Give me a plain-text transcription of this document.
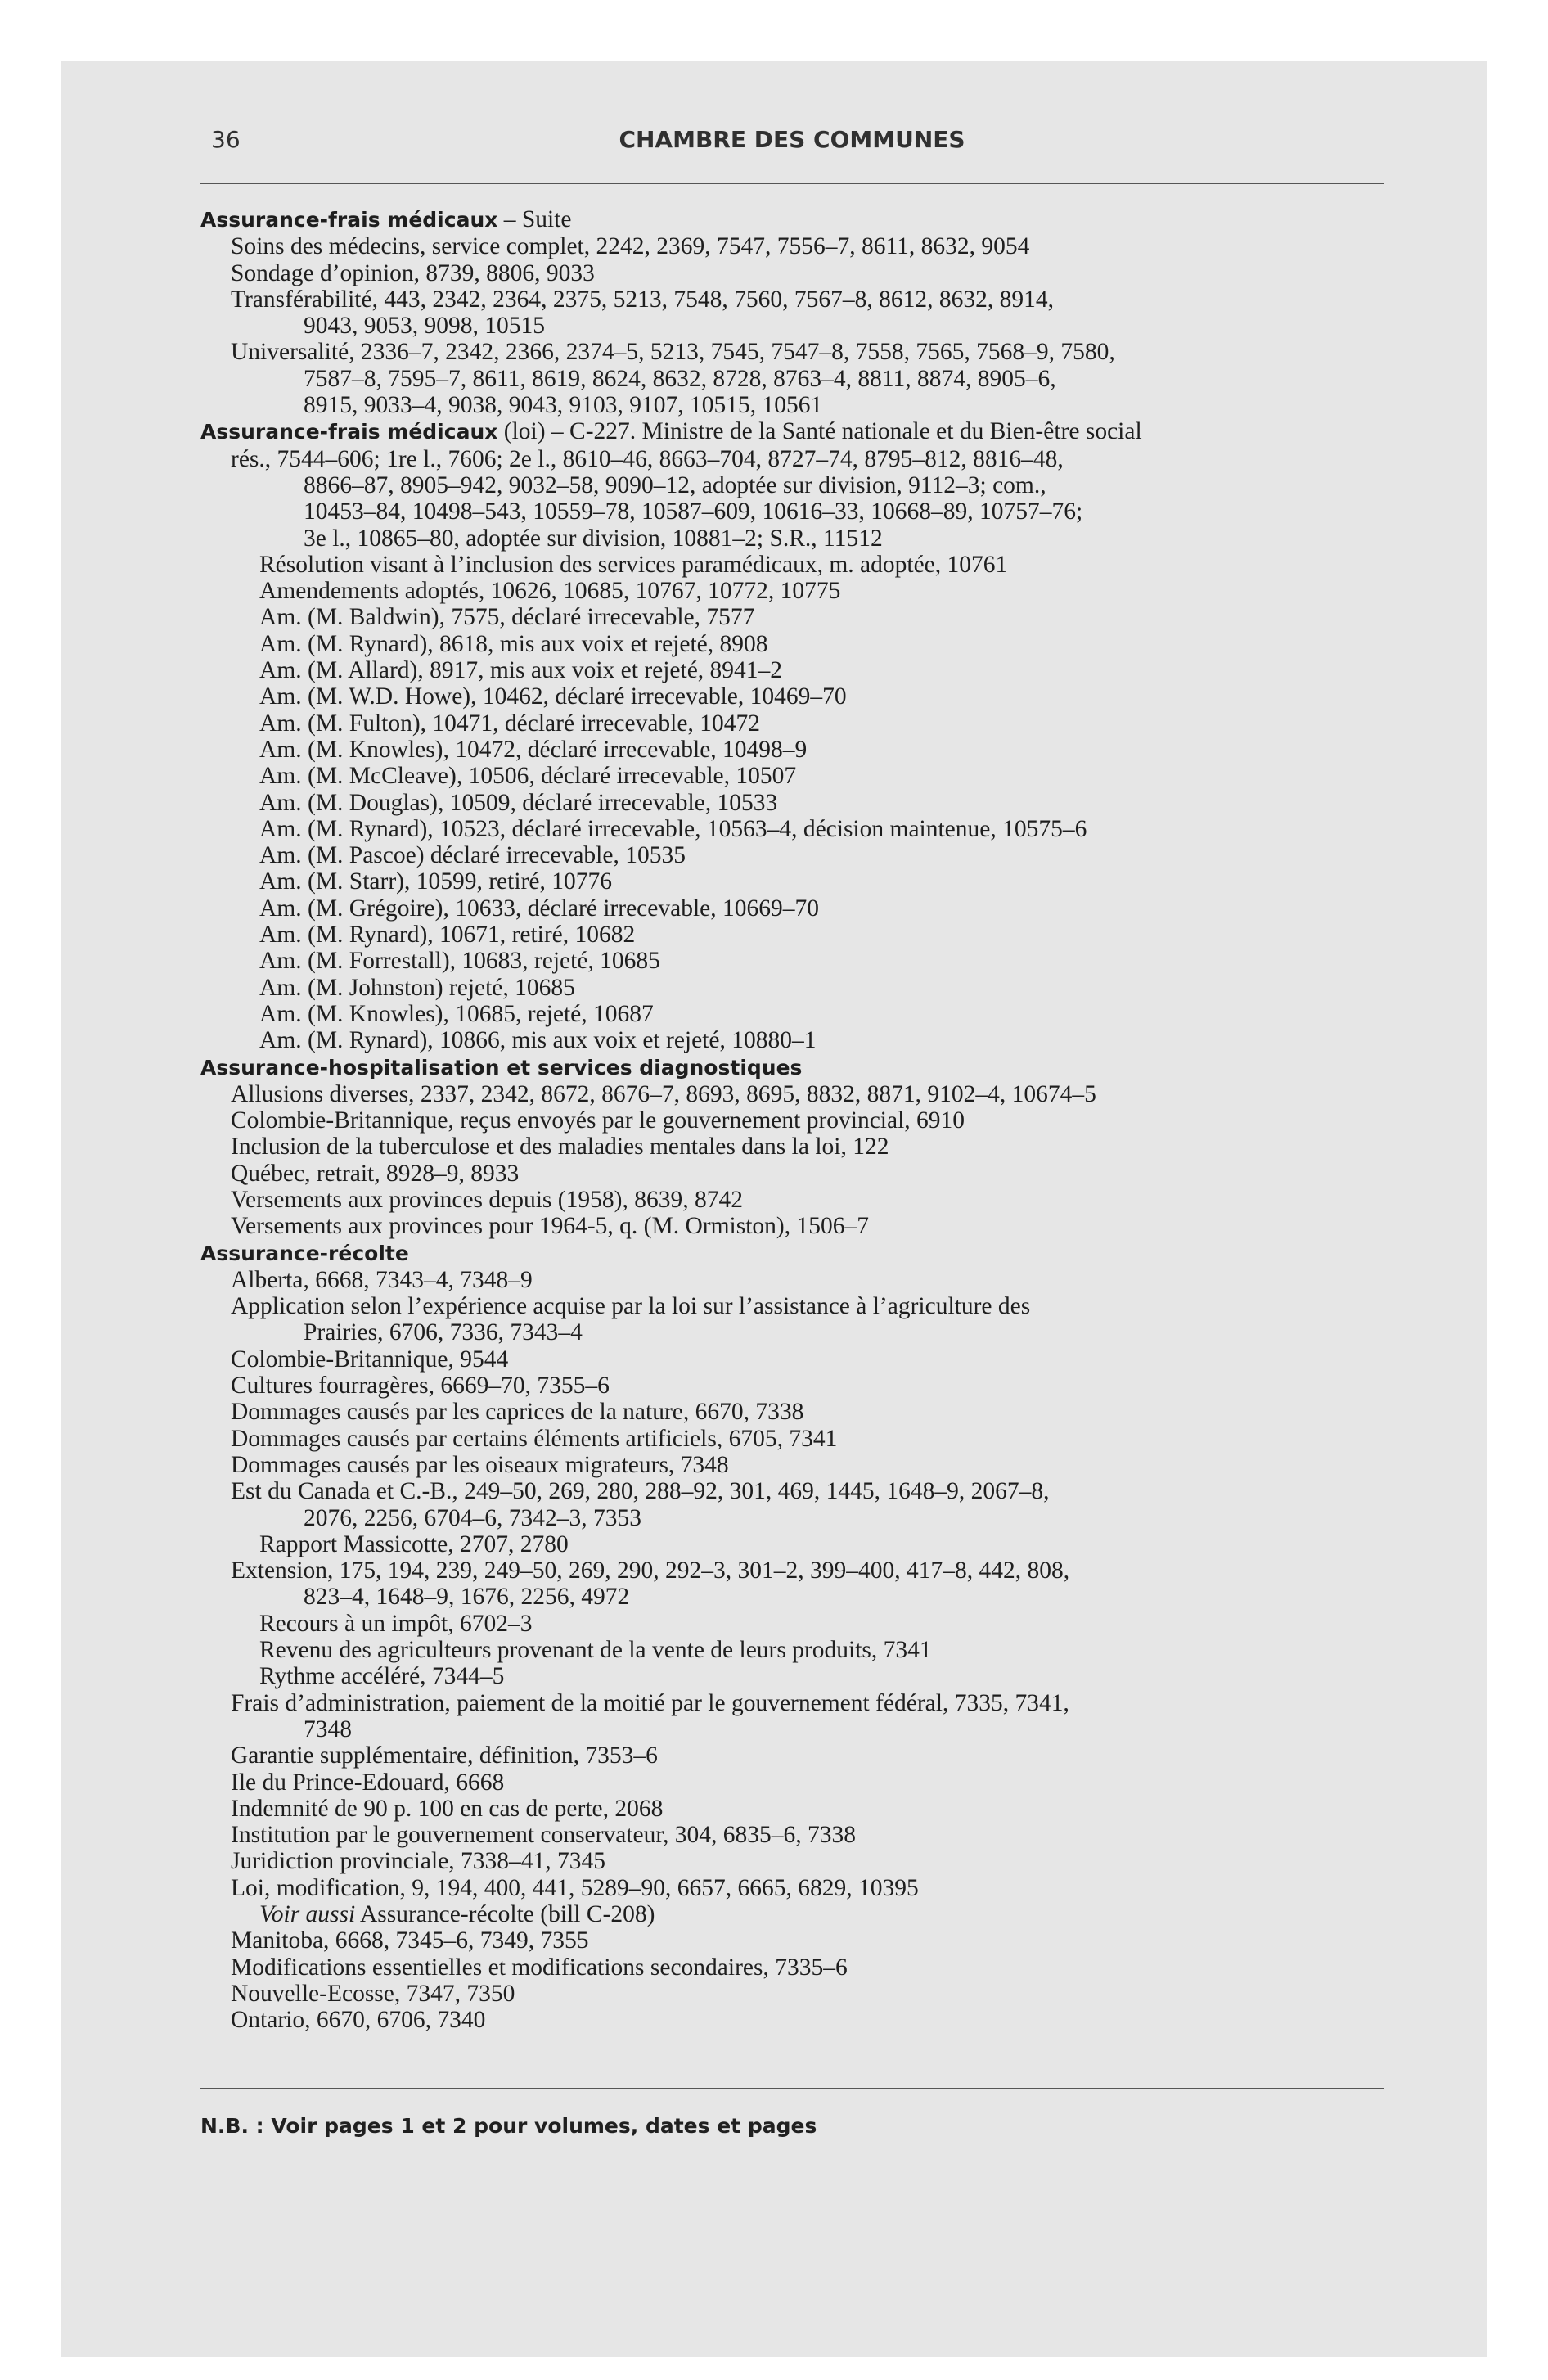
36	CHAMBRE DES COMMUNES
Assurance-frais médicaux – Suite
Soins des médecins, service complet, 2242, 2369, 7547, 7556–7, 8611, 8632, 9054
Sondage d’opinion, 8739, 8806, 9033
Transférabilité, 443, 2342, 2364, 2375, 5213, 7548, 7560, 7567–8, 8612, 8632, 8914,
9043, 9053, 9098, 10515
Universalité, 2336–7, 2342, 2366, 2374–5, 5213, 7545, 7547–8, 7558, 7565, 7568–9, 7580,
7587–8, 7595–7, 8611, 8619, 8624, 8632, 8728, 8763–4, 8811, 8874, 8905–6,
8915, 9033–4, 9038, 9043, 9103, 9107, 10515, 10561
Assurance-frais médicaux (loi) – C-227. Ministre de la Santé nationale et du Bien-être social
rés., 7544–606; 1re l., 7606; 2e l., 8610–46, 8663–704, 8727–74, 8795–812, 8816–48,
8866–87, 8905–942, 9032–58, 9090–12, adoptée sur division, 9112–3; com.,
10453–84, 10498–543, 10559–78, 10587–609, 10616–33, 10668–89, 10757–76;
3e l., 10865–80, adoptée sur division, 10881–2; S.R., 11512
Résolution visant à l’inclusion des services paramédicaux, m. adoptée, 10761
Amendements adoptés, 10626, 10685, 10767, 10772, 10775
Am. (M. Baldwin), 7575, déclaré irrecevable, 7577
Am. (M. Rynard), 8618, mis aux voix et rejeté, 8908
Am. (M. Allard), 8917, mis aux voix et rejeté, 8941–2
Am. (M. W.D. Howe), 10462, déclaré irrecevable, 10469–70
Am. (M. Fulton), 10471, déclaré irrecevable, 10472
Am. (M. Knowles), 10472, déclaré irrecevable, 10498–9
Am. (M. McCleave), 10506, déclaré irrecevable, 10507
Am. (M. Douglas), 10509, déclaré irrecevable, 10533
Am. (M. Rynard), 10523, déclaré irrecevable, 10563–4, décision maintenue, 10575–6
Am. (M. Pascoe) déclaré irrecevable, 10535
Am. (M. Starr), 10599, retiré, 10776
Am. (M. Grégoire), 10633, déclaré irrecevable, 10669–70
Am. (M. Rynard), 10671, retiré, 10682
Am. (M. Forrestall), 10683, rejeté, 10685
Am. (M. Johnston) rejeté, 10685
Am. (M. Knowles), 10685, rejeté, 10687
Am. (M. Rynard), 10866, mis aux voix et rejeté, 10880–1
Assurance-hospitalisation et services diagnostiques
Allusions diverses, 2337, 2342, 8672, 8676–7, 8693, 8695, 8832, 8871, 9102–4, 10674–5
Colombie-Britannique, reçus envoyés par le gouvernement provincial, 6910
Inclusion de la tuberculose et des maladies mentales dans la loi, 122
Québec, retrait, 8928–9, 8933
Versements aux provinces depuis (1958), 8639, 8742
Versements aux provinces pour 1964-5, q. (M. Ormiston), 1506–7
Assurance-récolte
Alberta, 6668, 7343–4, 7348–9
Application selon l’expérience acquise par la loi sur l’assistance à l’agriculture des
Prairies, 6706, 7336, 7343–4
Colombie-Britannique, 9544
Cultures fourragères, 6669–70, 7355–6
Dommages causés par les caprices de la nature, 6670, 7338
Dommages causés par certains éléments artificiels, 6705, 7341
Dommages causés par les oiseaux migrateurs, 7348
Est du Canada et C.-B., 249–50, 269, 280, 288–92, 301, 469, 1445, 1648–9, 2067–8,
2076, 2256, 6704–6, 7342–3, 7353
Rapport Massicotte, 2707, 2780
Extension, 175, 194, 239, 249–50, 269, 290, 292–3, 301–2, 399–400, 417–8, 442, 808,
823–4, 1648–9, 1676, 2256, 4972
Recours à un impôt, 6702–3
Revenu des agriculteurs provenant de la vente de leurs produits, 7341
Rythme accéléré, 7344–5
Frais d’administration, paiement de la moitié par le gouvernement fédéral, 7335, 7341,
7348
Garantie supplémentaire, définition, 7353–6
Ile du Prince-Edouard, 6668
Indemnité de 90 p. 100 en cas de perte, 2068
Institution par le gouvernement conservateur, 304, 6835–6, 7338
Juridiction provinciale, 7338–41, 7345
Loi, modification, 9, 194, 400, 441, 5289–90, 6657, 6665, 6829, 10395
Voir aussi Assurance-récolte (bill C-208)
Manitoba, 6668, 7345–6, 7349, 7355
Modifications essentielles et modifications secondaires, 7335–6
Nouvelle-Ecosse, 7347, 7350
Ontario, 6670, 6706, 7340
N.B. : Voir pages 1 et 2 pour volumes, dates et pages
